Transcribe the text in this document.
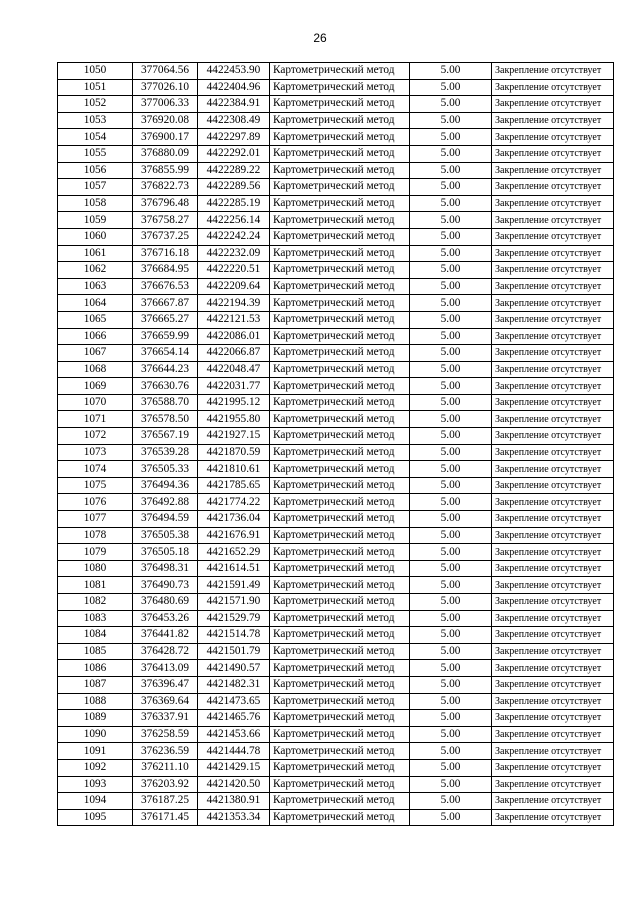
26
1050	377064.56	4422453.90	Картометрический метод	5.00	Закрепление отсутствует
1051	377026.10	4422404.96	Картометрический метод	5.00	Закрепление отсутствует
1052	377006.33	4422384.91	Картометрический метод	5.00	Закрепление отсутствует
1053	376920.08	4422308.49	Картометрический метод	5.00	Закрепление отсутствует
1054	376900.17	4422297.89	Картометрический метод	5.00	Закрепление отсутствует
1055	376880.09	4422292.01	Картометрический метод	5.00	Закрепление отсутствует
1056	376855.99	4422289.22	Картометрический метод	5.00	Закрепление отсутствует
1057	376822.73	4422289.56	Картометрический метод	5.00	Закрепление отсутствует
1058	376796.48	4422285.19	Картометрический метод	5.00	Закрепление отсутствует
1059	376758.27	4422256.14	Картометрический метод	5.00	Закрепление отсутствует
1060	376737.25	4422242.24	Картометрический метод	5.00	Закрепление отсутствует
1061	376716.18	4422232.09	Картометрический метод	5.00	Закрепление отсутствует
1062	376684.95	4422220.51	Картометрический метод	5.00	Закрепление отсутствует
1063	376676.53	4422209.64	Картометрический метод	5.00	Закрепление отсутствует
1064	376667.87	4422194.39	Картометрический метод	5.00	Закрепление отсутствует
1065	376665.27	4422121.53	Картометрический метод	5.00	Закрепление отсутствует
1066	376659.99	4422086.01	Картометрический метод	5.00	Закрепление отсутствует
1067	376654.14	4422066.87	Картометрический метод	5.00	Закрепление отсутствует
1068	376644.23	4422048.47	Картометрический метод	5.00	Закрепление отсутствует
1069	376630.76	4422031.77	Картометрический метод	5.00	Закрепление отсутствует
1070	376588.70	4421995.12	Картометрический метод	5.00	Закрепление отсутствует
1071	376578.50	4421955.80	Картометрический метод	5.00	Закрепление отсутствует
1072	376567.19	4421927.15	Картометрический метод	5.00	Закрепление отсутствует
1073	376539.28	4421870.59	Картометрический метод	5.00	Закрепление отсутствует
1074	376505.33	4421810.61	Картометрический метод	5.00	Закрепление отсутствует
1075	376494.36	4421785.65	Картометрический метод	5.00	Закрепление отсутствует
1076	376492.88	4421774.22	Картометрический метод	5.00	Закрепление отсутствует
1077	376494.59	4421736.04	Картометрический метод	5.00	Закрепление отсутствует
1078	376505.38	4421676.91	Картометрический метод	5.00	Закрепление отсутствует
1079	376505.18	4421652.29	Картометрический метод	5.00	Закрепление отсутствует
1080	376498.31	4421614.51	Картометрический метод	5.00	Закрепление отсутствует
1081	376490.73	4421591.49	Картометрический метод	5.00	Закрепление отсутствует
1082	376480.69	4421571.90	Картометрический метод	5.00	Закрепление отсутствует
1083	376453.26	4421529.79	Картометрический метод	5.00	Закрепление отсутствует
1084	376441.82	4421514.78	Картометрический метод	5.00	Закрепление отсутствует
1085	376428.72	4421501.79	Картометрический метод	5.00	Закрепление отсутствует
1086	376413.09	4421490.57	Картометрический метод	5.00	Закрепление отсутствует
1087	376396.47	4421482.31	Картометрический метод	5.00	Закрепление отсутствует
1088	376369.64	4421473.65	Картометрический метод	5.00	Закрепление отсутствует
1089	376337.91	4421465.76	Картометрический метод	5.00	Закрепление отсутствует
1090	376258.59	4421453.66	Картометрический метод	5.00	Закрепление отсутствует
1091	376236.59	4421444.78	Картометрический метод	5.00	Закрепление отсутствует
1092	376211.10	4421429.15	Картометрический метод	5.00	Закрепление отсутствует
1093	376203.92	4421420.50	Картометрический метод	5.00	Закрепление отсутствует
1094	376187.25	4421380.91	Картометрический метод	5.00	Закрепление отсутствует
1095	376171.45	4421353.34	Картометрический метод	5.00	Закрепление отсутствует
